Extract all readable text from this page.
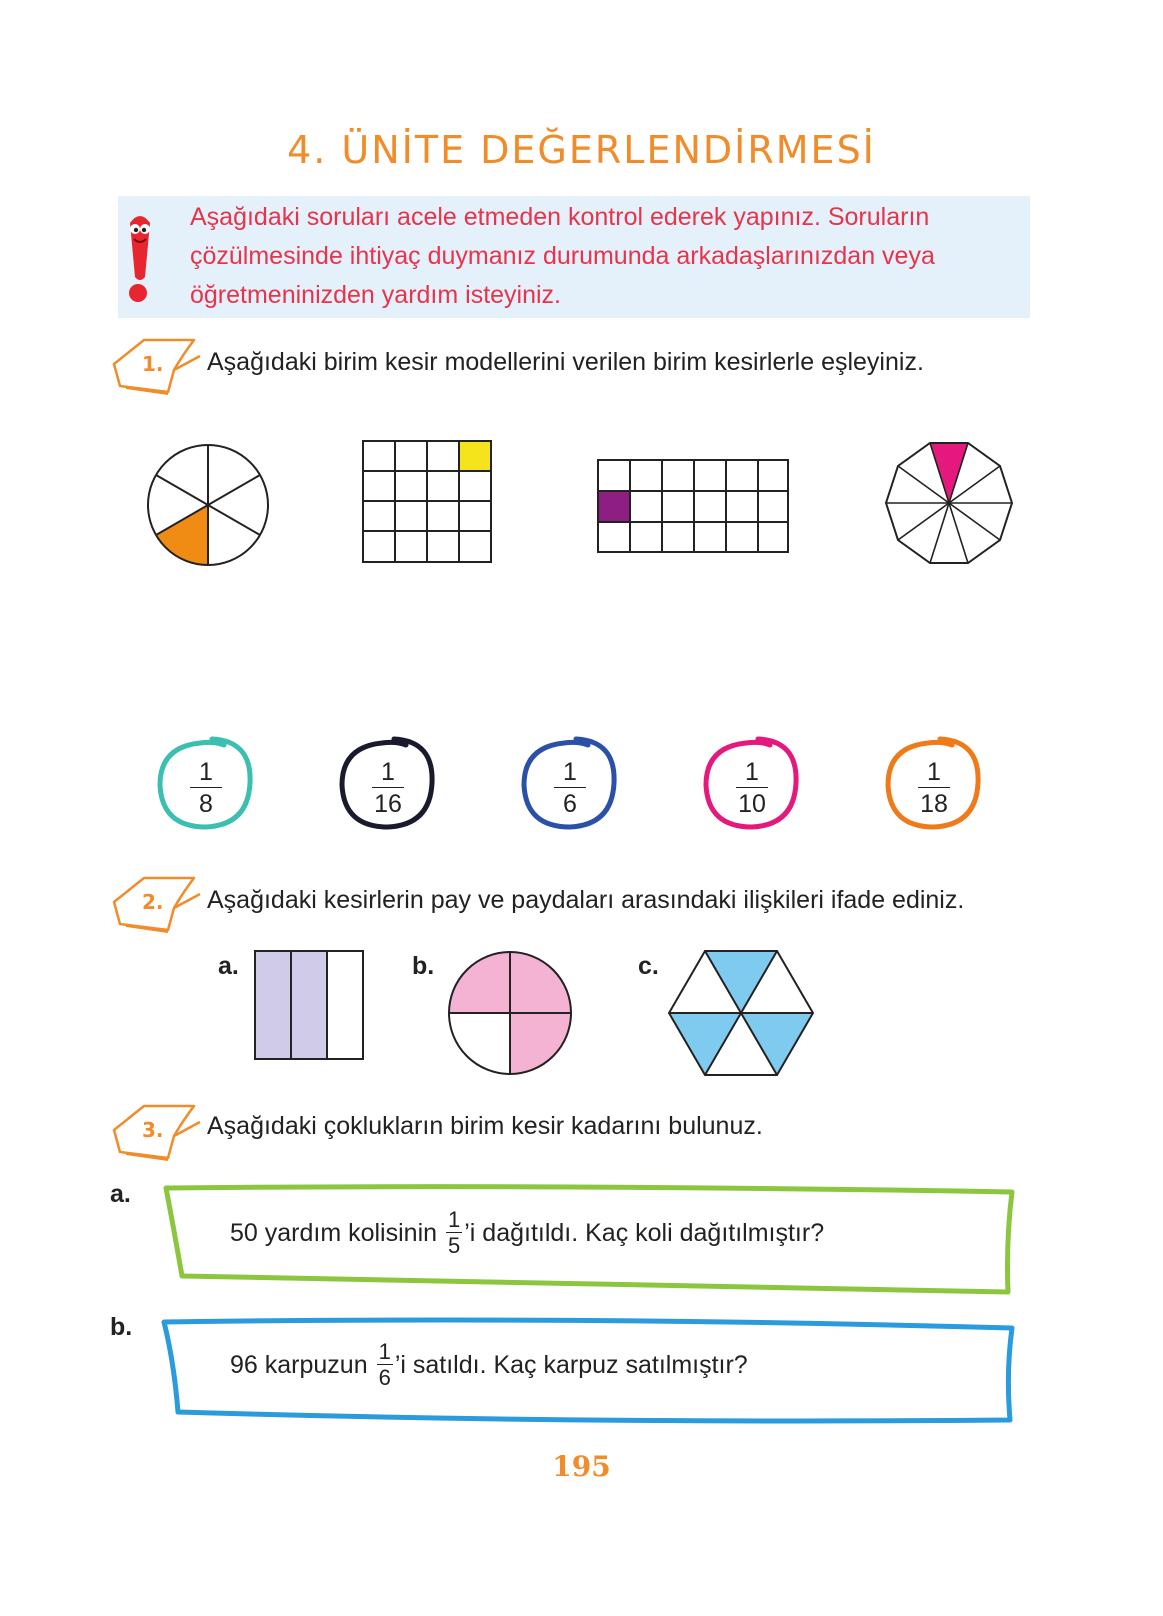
4. ÜNİTE DEĞERLENDİRMESİ
Aşağıdaki soruları acele etmeden kontrol ederek yapınız. Soruların çözülmesinde ihtiyaç duymanız durumunda arkadaşlarınızdan veya öğretmeninizden yardım isteyiniz.
1. Aşağıdaki birim kesir modellerini verilen birim kesirlerle eşleyiniz.
$\frac{1}{8}$	$\frac{1}{16}$	$\frac{1}{6}$	$\frac{1}{10}$	$\frac{1}{18}$
2. Aşağıdaki kesirlerin pay ve paydaları arasındaki ilişkileri ifade ediniz.
a.	b.	c.
3. Aşağıdaki çoklukların birim kesir kadarını bulunuz.
a.
50 yardım kolisinin
$\frac{1}{5}$ ’i dağıtıldı. Kaç koli dağıtılmıştır?
b.
96 karpuzun
$\frac{1}{6}$ ’i satıldı. Kaç karpuz satılmıştır?
195
